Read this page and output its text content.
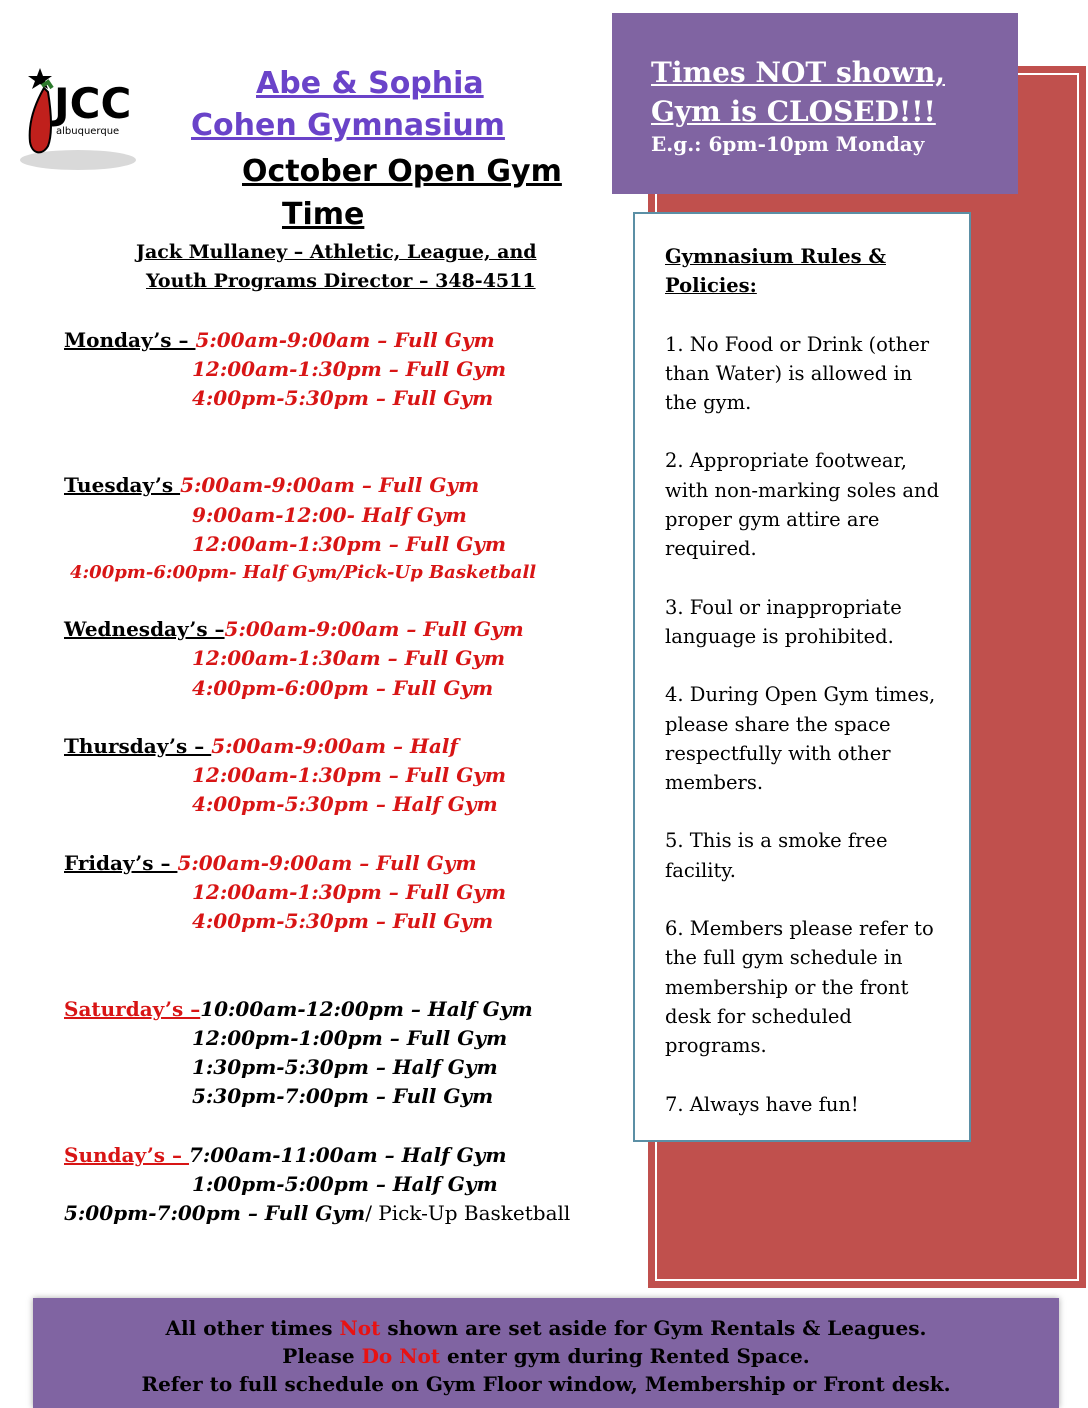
JCC
albuquerque
Abe & Sophia
Cohen Gymnasium
October Open Gym
Time
Jack Mullaney – Athletic, League, and
Youth Programs Director – 348-4511
Monday’s – 5:00am-9:00am – Full Gym
12:00am-1:30pm – Full Gym
4:00pm-5:30pm – Full Gym
Tuesday’s 5:00am-9:00am – Full Gym
9:00am-12:00- Half Gym
12:00am-1:30pm – Full Gym
4:00pm-6:00pm- Half Gym/Pick-Up Basketball
Wednesday’s –5:00am-9:00am – Full Gym
12:00am-1:30am – Full Gym
4:00pm-6:00pm – Full Gym
Thursday’s – 5:00am-9:00am – Half
12:00am-1:30pm – Full Gym
4:00pm-5:30pm – Half Gym
Friday’s – 5:00am-9:00am – Full Gym
12:00am-1:30pm – Full Gym
4:00pm-5:30pm – Full Gym
Saturday’s –10:00am-12:00pm – Half Gym
12:00pm-1:00pm – Full Gym
1:30pm-5:30pm – Half Gym
5:30pm-7:00pm – Full Gym
Sunday’s – 7:00am-11:00am – Half Gym
1:00pm-5:00pm – Half Gym
5:00pm-7:00pm – Full Gym/ Pick-Up Basketball
Times NOT shown,
Gym is CLOSED!!!
E.g.: 6pm-10pm Monday
Gymnasium Rules &
Policies:

1. No Food or Drink (other than Water) is allowed in the gym.

2. Appropriate footwear, with non-marking soles and proper gym attire are required.

3. Foul or inappropriate language is prohibited.

4. During Open Gym times, please share the space respectfully with other members.

5. This is a smoke free facility.

6. Members please refer to the full gym schedule in membership or the front desk for scheduled programs.

7. Always have fun!

All other times Not shown are set aside for Gym Rentals & Leagues.
Please Do Not enter gym during Rented Space.
Refer to full schedule on Gym Floor window, Membership or Front desk.
